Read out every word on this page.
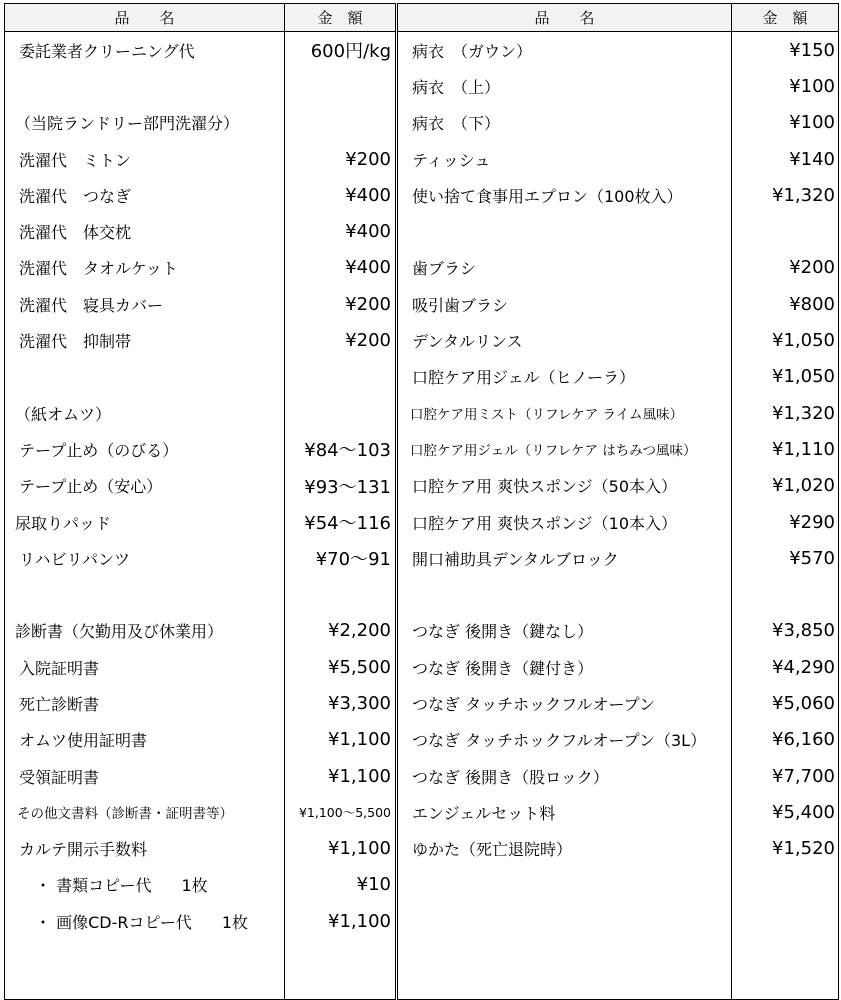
品　　名	金　額	品　　名	金　額
委託業者クリーニング代	600円/kg	病衣　（ガウン）	¥150
		病衣　（上）	¥100
（当院ランドリー部門洗濯分）		病衣　（下）	¥100
洗濯代　ミトン	¥200	ティッシュ	¥140
洗濯代　つなぎ	¥400	使い捨て食事用エプロン（100枚入）	¥1,320
洗濯代　体交枕	¥400		
洗濯代　タオルケット	¥400	歯ブラシ	¥200
洗濯代　寝具カバー	¥200	吸引歯ブラシ	¥800
洗濯代　抑制帯	¥200	デンタルリンス	¥1,050
		口腔ケア用ジェル（ヒノーラ）	¥1,050
（紙オムツ）		口腔ケア用ミスト（リフレケア ライム風味）	¥1,320
テープ止め（のびる）	¥84～103	口腔ケア用ジェル（リフレケア はちみつ風味）	¥1,110
テープ止め（安心）	¥93～131	口腔ケア用 爽快スポンジ（50本入）	¥1,020
尿取りパッド	¥54～116	口腔ケア用 爽快スポンジ（10本入）	¥290
リハビリパンツ	¥70～91	開口補助具デンタルブロック	¥570

診断書（欠勤用及び休業用）	¥2,200	つなぎ 後開き（鍵なし）	¥3,850
入院証明書	¥5,500	つなぎ 後開き（鍵付き）	¥4,290
死亡診断書	¥3,300	つなぎ タッチホックフルオープン	¥5,060
オムツ使用証明書	¥1,100	つなぎ タッチホックフルオープン（3L）	¥6,160
受領証明書	¥1,100	つなぎ 後開き（股ロック）	¥7,700
その他文書料（診断書・証明書等）	¥1,100～5,500	エンジェルセット料	¥5,400
カルテ開示手数料	¥1,100	ゆかた（死亡退院時）	¥1,520
・ 書類コピー代 1枚	¥10		
・ 画像CD-Rコピー代 1枚	¥1,100		
